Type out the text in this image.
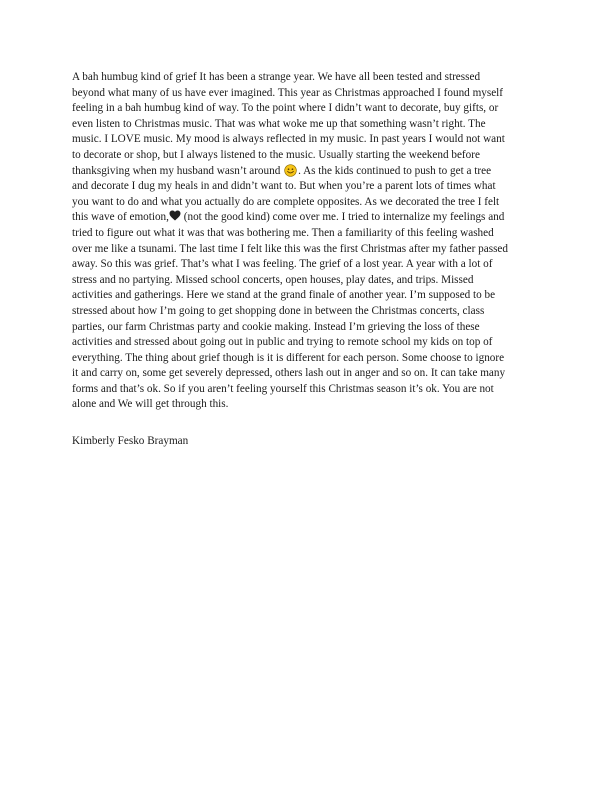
A bah humbug kind of grief It has been a strange year. We have all been tested and stressed
beyond what many of us have ever imagined. This year as Christmas approached I found myself
feeling in a bah humbug kind of way. To the point where I didn’t want to decorate, buy gifts, or
even listen to Christmas music. That was what woke me up that something wasn’t right. The
music. I LOVE music. My mood is always reflected in my music. In past years I would not want
to decorate or shop, but I always listened to the music. Usually starting the weekend before
thanksgiving when my husband wasn’t around . As the kids continued to push to get a tree
and decorate I dug my heals in and didn’t want to. But when you’re a parent lots of times what
you want to do and what you actually do are complete opposites. As we decorated the tree I felt
this wave of emotion, (not the good kind) come over me. I tried to internalize my feelings and
tried to figure out what it was that was bothering me. Then a familiarity of this feeling washed
over me like a tsunami. The last time I felt like this was the first Christmas after my father passed
away. So this was grief. That’s what I was feeling. The grief of a lost year. A year with a lot of
stress and no partying. Missed school concerts, open houses, play dates, and trips. Missed
activities and gatherings. Here we stand at the grand finale of another year. I’m supposed to be
stressed about how I’m going to get shopping done in between the Christmas concerts, class
parties, our farm Christmas party and cookie making. Instead I’m grieving the loss of these
activities and stressed about going out in public and trying to remote school my kids on top of
everything. The thing about grief though is it is different for each person. Some choose to ignore
it and carry on, some get severely depressed, others lash out in anger and so on. It can take many
forms and that’s ok. So if you aren’t feeling yourself this Christmas season it’s ok. You are not
alone and We will get through this.
Kimberly Fesko Brayman
